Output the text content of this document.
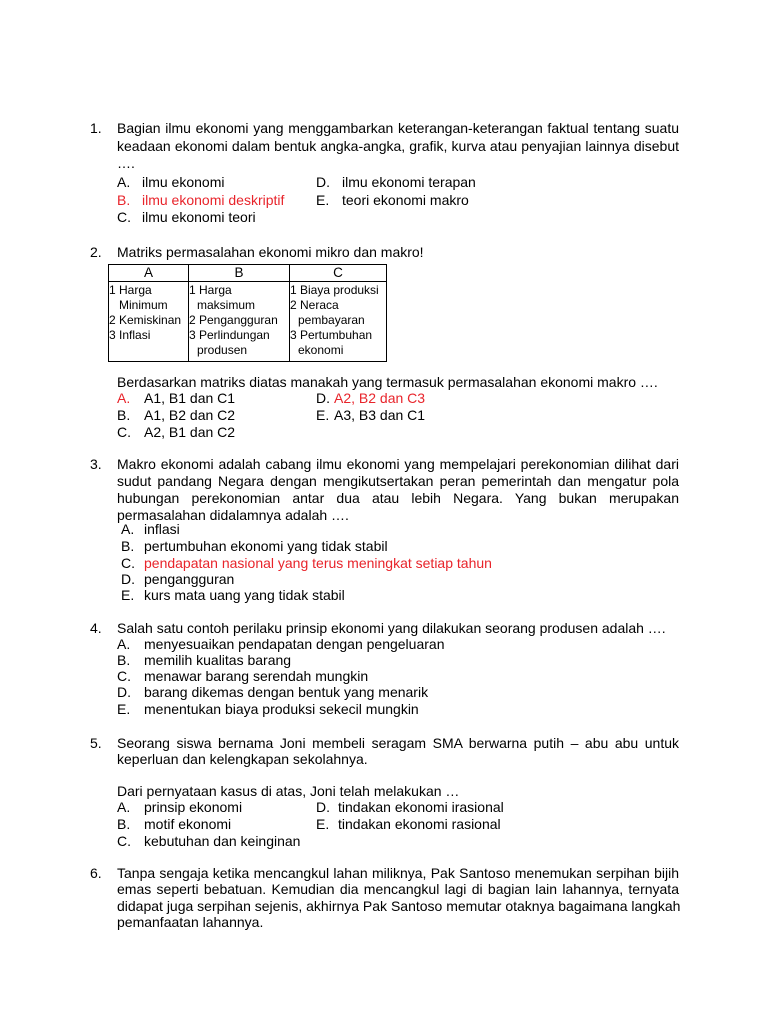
1. Bagian ilmu ekonomi yang menggambarkan keterangan-keterangan faktual tentang suatu
keadaan ekonomi dalam bentuk angka-angka, grafik, kurva atau penyajian lainnya disebut
….
A. ilmu ekonomi
B. ilmu ekonomi deskriptif
C. ilmu ekonomi teori
D. ilmu ekonomi terapan
E. teori ekonomi makro
2. Matriks permasalahan ekonomi mikro dan makro!
A	B	C

1 Harga
Minimum
2 Kemiskinan
3 Inflasi	1 Harga
maksimum
2 Pengangguran
3 Perlindungan
produsen	1 Biaya produksi
2 Neraca
pembayaran
3 Pertumbuhan
ekonomi
Berdasarkan matriks diatas manakah yang termasuk permasalahan ekonomi makro ….
A. A1, B1 dan C1
B. A1, B2 dan C2
C. A2, B1 dan C2
D. A2, B2 dan C3
E. A3, B3 dan C1
3. Makro ekonomi adalah cabang ilmu ekonomi yang mempelajari perekonomian dilihat dari
sudut pandang Negara dengan mengikutsertakan peran pemerintah dan mengatur pola
hubungan perekonomian antar dua atau lebih Negara. Yang bukan merupakan
permasalahan didalamnya adalah ….
A. inflasi
B. pertumbuhan ekonomi yang tidak stabil
C. pendapatan nasional yang terus meningkat setiap tahun
D. pengangguran
E. kurs mata uang yang tidak stabil
4. Salah satu contoh perilaku prinsip ekonomi yang dilakukan seorang produsen adalah ….
A. menyesuaikan pendapatan dengan pengeluaran
B. memilih kualitas barang
C. menawar barang serendah mungkin
D. barang dikemas dengan bentuk yang menarik
E. menentukan biaya produksi sekecil mungkin
5. Seorang siswa bernama Joni membeli seragam SMA berwarna putih – abu abu untuk
keperluan dan kelengkapan sekolahnya.
Dari pernyataan kasus di atas, Joni telah melakukan …
A. prinsip ekonomi
B. motif ekonomi
C. kebutuhan dan keinginan
D. tindakan ekonomi irasional
E. tindakan ekonomi rasional
6. Tanpa sengaja ketika mencangkul lahan miliknya, Pak Santoso menemukan serpihan bijih
emas seperti bebatuan. Kemudian dia mencangkul lagi di bagian lain lahannya, ternyata
didapat juga serpihan sejenis, akhirnya Pak Santoso memutar otaknya bagaimana langkah
pemanfaatan lahannya.
